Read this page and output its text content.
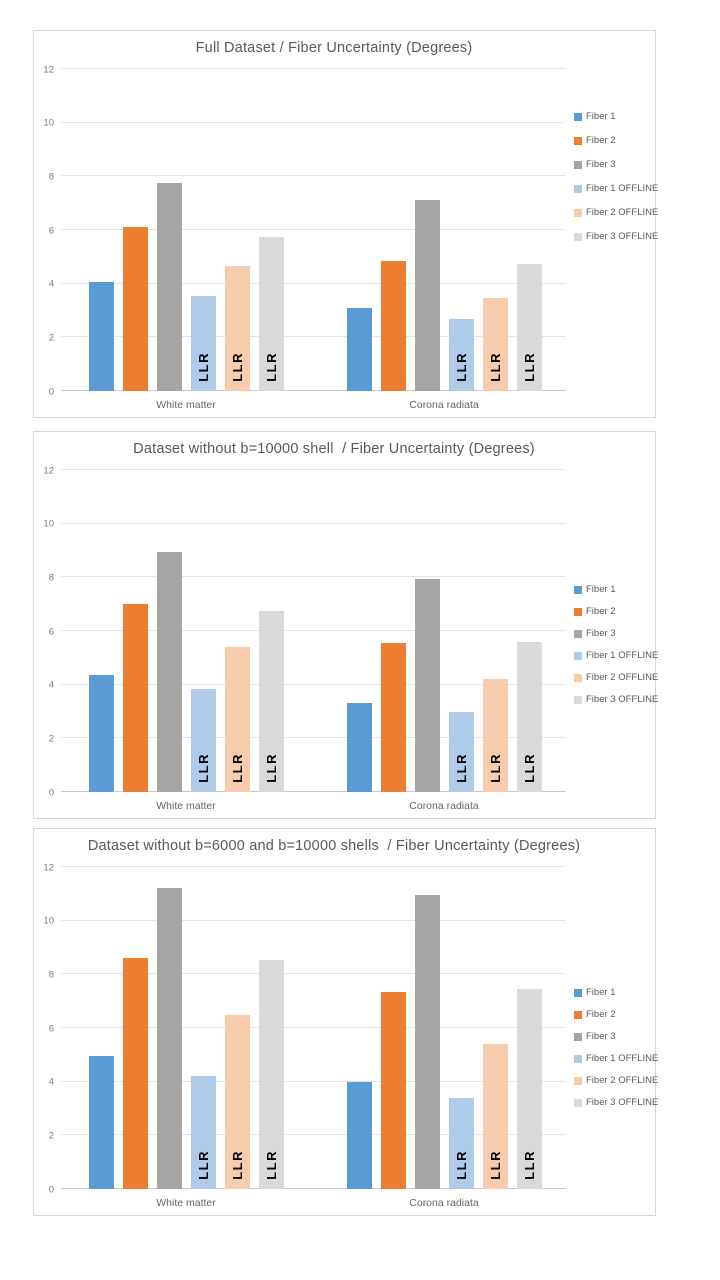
Full Dataset / Fiber Uncertainty (Degrees)
0
2
4
6
8
10
12
LLR LLR LLR
White matter
LLR LLR LLR
Corona radiata
Fiber 1
Fiber 2
Fiber 3
Fiber 1 OFFLINE
Fiber 2 OFFLINE
Fiber 3 OFFLINE
Dataset without b=10000 shell  / Fiber Uncertainty (Degrees)
0
2
4
6
8
10
12
LLR LLR LLR
White matter
LLR LLR LLR
Corona radiata
Fiber 1
Fiber 2
Fiber 3
Fiber 1 OFFLINE
Fiber 2 OFFLINE
Fiber 3 OFFLINE
Dataset without b=6000 and b=10000 shells  / Fiber Uncertainty (Degrees)
0
2
4
6
8
10
12
LLR LLR LLR
White matter
LLR LLR LLR
Corona radiata
Fiber 1
Fiber 2
Fiber 3
Fiber 1 OFFLINE
Fiber 2 OFFLINE
Fiber 3 OFFLINE
